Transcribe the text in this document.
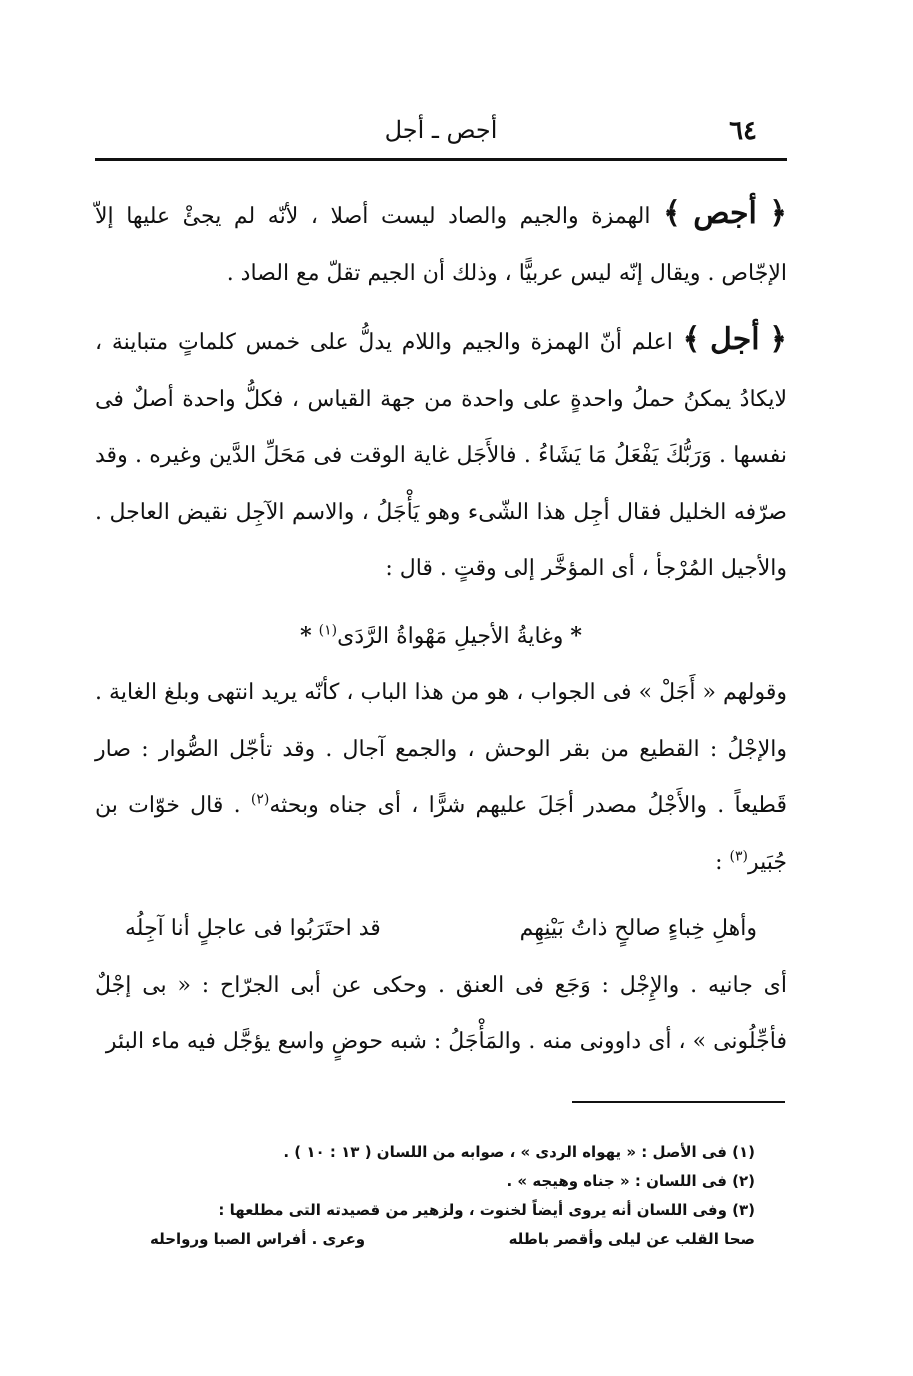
٦٤
أجص ـ أجل

﴿ أجص ﴾ الهمزة والجيم والصاد ليست أصلا ، لأنّه لم يجئْ عليها إلاّ الإجّاص . ويقال إنّه ليس عربيًّا ، وذلك أن الجيم تقلّ مع الصاد .

﴿ أجل ﴾ اعلم أنّ الهمزة والجيم واللام يدلُّ على خمس كلماتٍ متباينة ، لايكادُ يمكنُ حملُ واحدةٍ على واحدة من جهة القياس ، فكلُّ واحدة أصلٌ فى نفسها . وَرَبُّكَ يَفْعَلُ مَا يَشَاءُ . فالأَجَل غاية الوقت فى مَحَلِّ الدَّين وغيره . وقد صرّفه الخليل فقال أجِل هذا الشّىء وهو يَأْجَلُ ، والاسم الآجِل نقيض العاجل . والأجيل المُرْجأ ، أى المؤخَّر إلى وقتٍ . قال :

* وغايةُ الأجيلِ مَهْواةُ الرَّدَى$^{(١)}$ *

وقولهم « أَجَلْ » فى الجواب ، هو من هذا الباب ، كأنّه يريد انتهى وبلغ الغاية . والإجْلُ : القطيع من بقر الوحش ، والجمع آجال . وقد تأجّل الصُّوار : صار قَطيعاً . والأَجْلُ مصدر أجَلَ عليهم شرًّا ، أى جناه وبحثه$^{(٢)}$ . قال خوّات بن جُبَير$^{(٣)}$ :

وأهلِ خِباءٍ صالحٍ ذاتُ بَيْنِهِم
قد احتَرَبُوا فى عاجلٍ أنا آجِلُه

أى جانيه . والإِجْل : وَجَع فى العنق . وحكى عن أبى الجرّاح : « بى إجْلٌ فأجِّلُونى » ، أى داوونى منه . والمَأْجَلُ : شبه حوضٍ واسع يؤجَّل فيه ماء البئر

(١) فى الأصل : « يهواه الردى » ، صوابه من اللسان ( ١٣ : ١٠ ) .
(٢) فى اللسان : « جناه وهيجه » .
(٣) وفى اللسان أنه يروى أيضاً لخنوت ، ولزهير من قصيدته التى مطلعها :
صحا القلب عن ليلى وأقصر باطله
وعرى . أفراس الصبا ورواحله
